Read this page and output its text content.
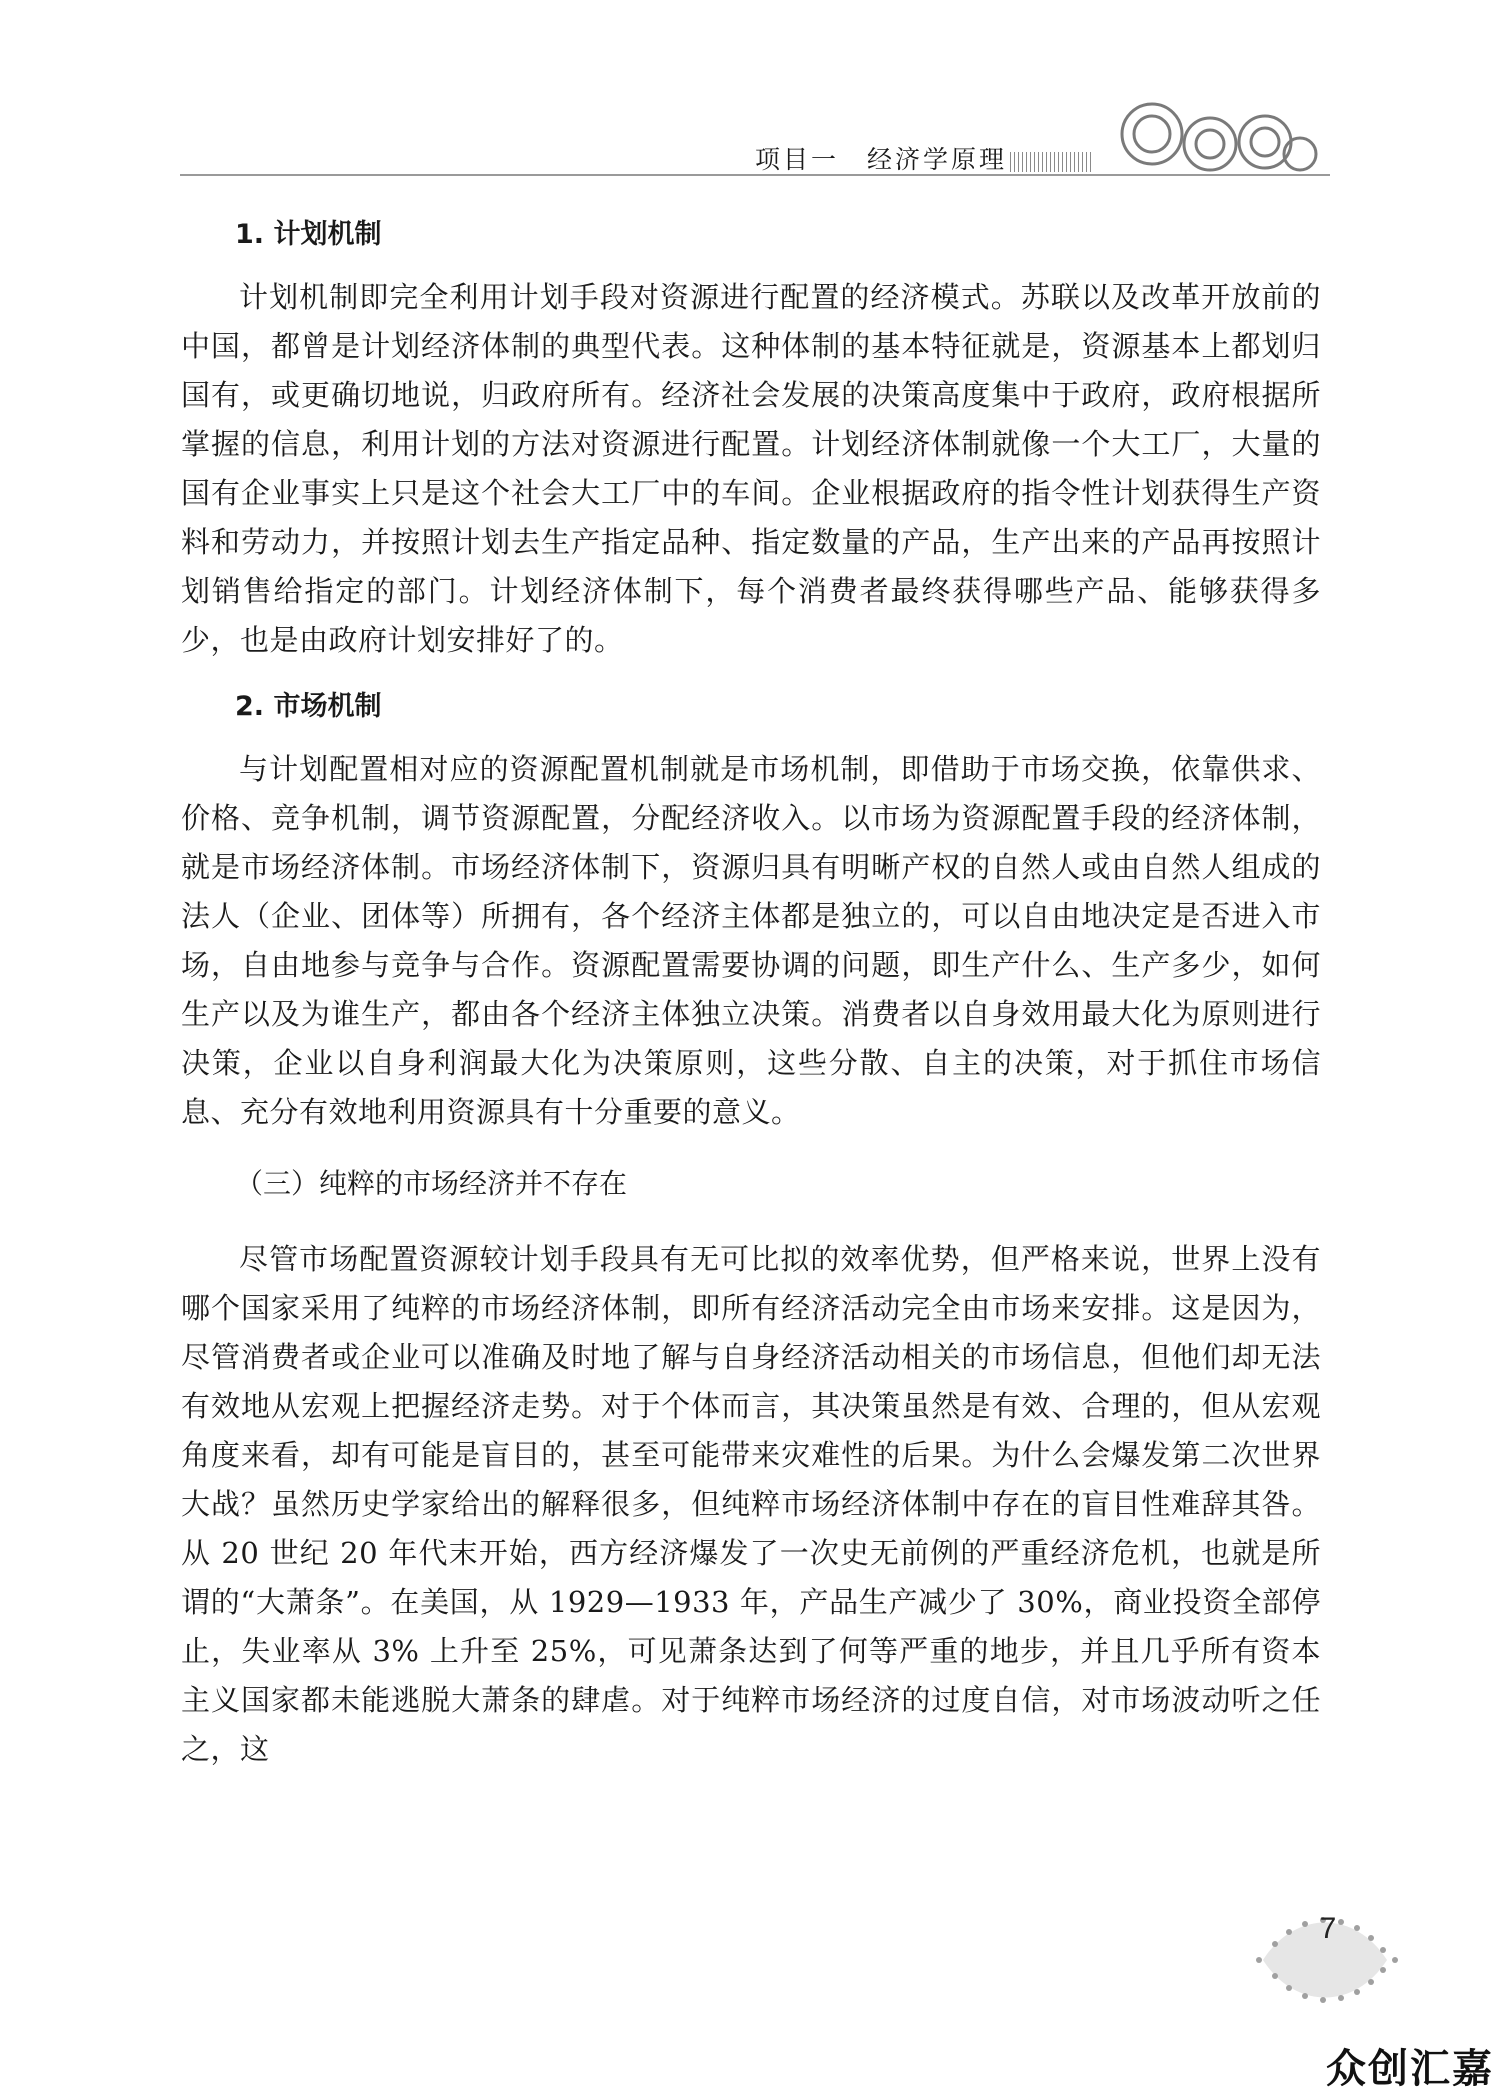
项目一　经济学原理
1. 计划机制

计划机制即完全利用计划手段对资源进行配置的经济模式。苏联以及改革开放前的中国，都曾是计划经济体制的典型代表。这种体制的基本特征就是，资源基本上都划归国有，或更确切地说，归政府所有。经济社会发展的决策高度集中于政府，政府根据所掌握的信息，利用计划的方法对资源进行配置。计划经济体制就像一个大工厂，大量的国有企业事实上只是这个社会大工厂中的车间。企业根据政府的指令性计划获得生产资料和劳动力，并按照计划去生产指定品种、指定数量的产品，生产出来的产品再按照计划销售给指定的部门。计划经济体制下，每个消费者最终获得哪些产品、能够获得多少，也是由政府计划安排好了的。

2. 市场机制

与计划配置相对应的资源配置机制就是市场机制，即借助于市场交换，依靠供求、价格、竞争机制，调节资源配置，分配经济收入。以市场为资源配置手段的经济体制，就是市场经济体制。市场经济体制下，资源归具有明晰产权的自然人或由自然人组成的法人（企业、团体等）所拥有，各个经济主体都是独立的，可以自由地决定是否进入市场，自由地参与竞争与合作。资源配置需要协调的问题，即生产什么、生产多少，如何生产以及为谁生产，都由各个经济主体独立决策。消费者以自身效用最大化为原则进行决策，企业以自身利润最大化为决策原则，这些分散、自主的决策，对于抓住市场信息、充分有效地利用资源具有十分重要的意义。

（三）纯粹的市场经济并不存在

尽管市场配置资源较计划手段具有无可比拟的效率优势，但严格来说，世界上没有哪个国家采用了纯粹的市场经济体制，即所有经济活动完全由市场来安排。这是因为，尽管消费者或企业可以准确及时地了解与自身经济活动相关的市场信息，但他们却无法有效地从宏观上把握经济走势。对于个体而言，其决策虽然是有效、合理的，但从宏观角度来看，却有可能是盲目的，甚至可能带来灾难性的后果。为什么会爆发第二次世界大战？虽然历史学家给出的解释很多，但纯粹市场经济体制中存在的盲目性难辞其咎。从 20 世纪 20 年代末开始，西方经济爆发了一次史无前例的严重经济危机，也就是所谓的“大萧条”。在美国，从 1929—1933 年，产品生产减少了 30%，商业投资全部停止，失业率从 3% 上升至 25%，可见萧条达到了何等严重的地步，并且几乎所有资本主义国家都未能逃脱大萧条的肆虐。对于纯粹市场经济的过度自信，对市场波动听之任之，这

7
众创汇嘉
